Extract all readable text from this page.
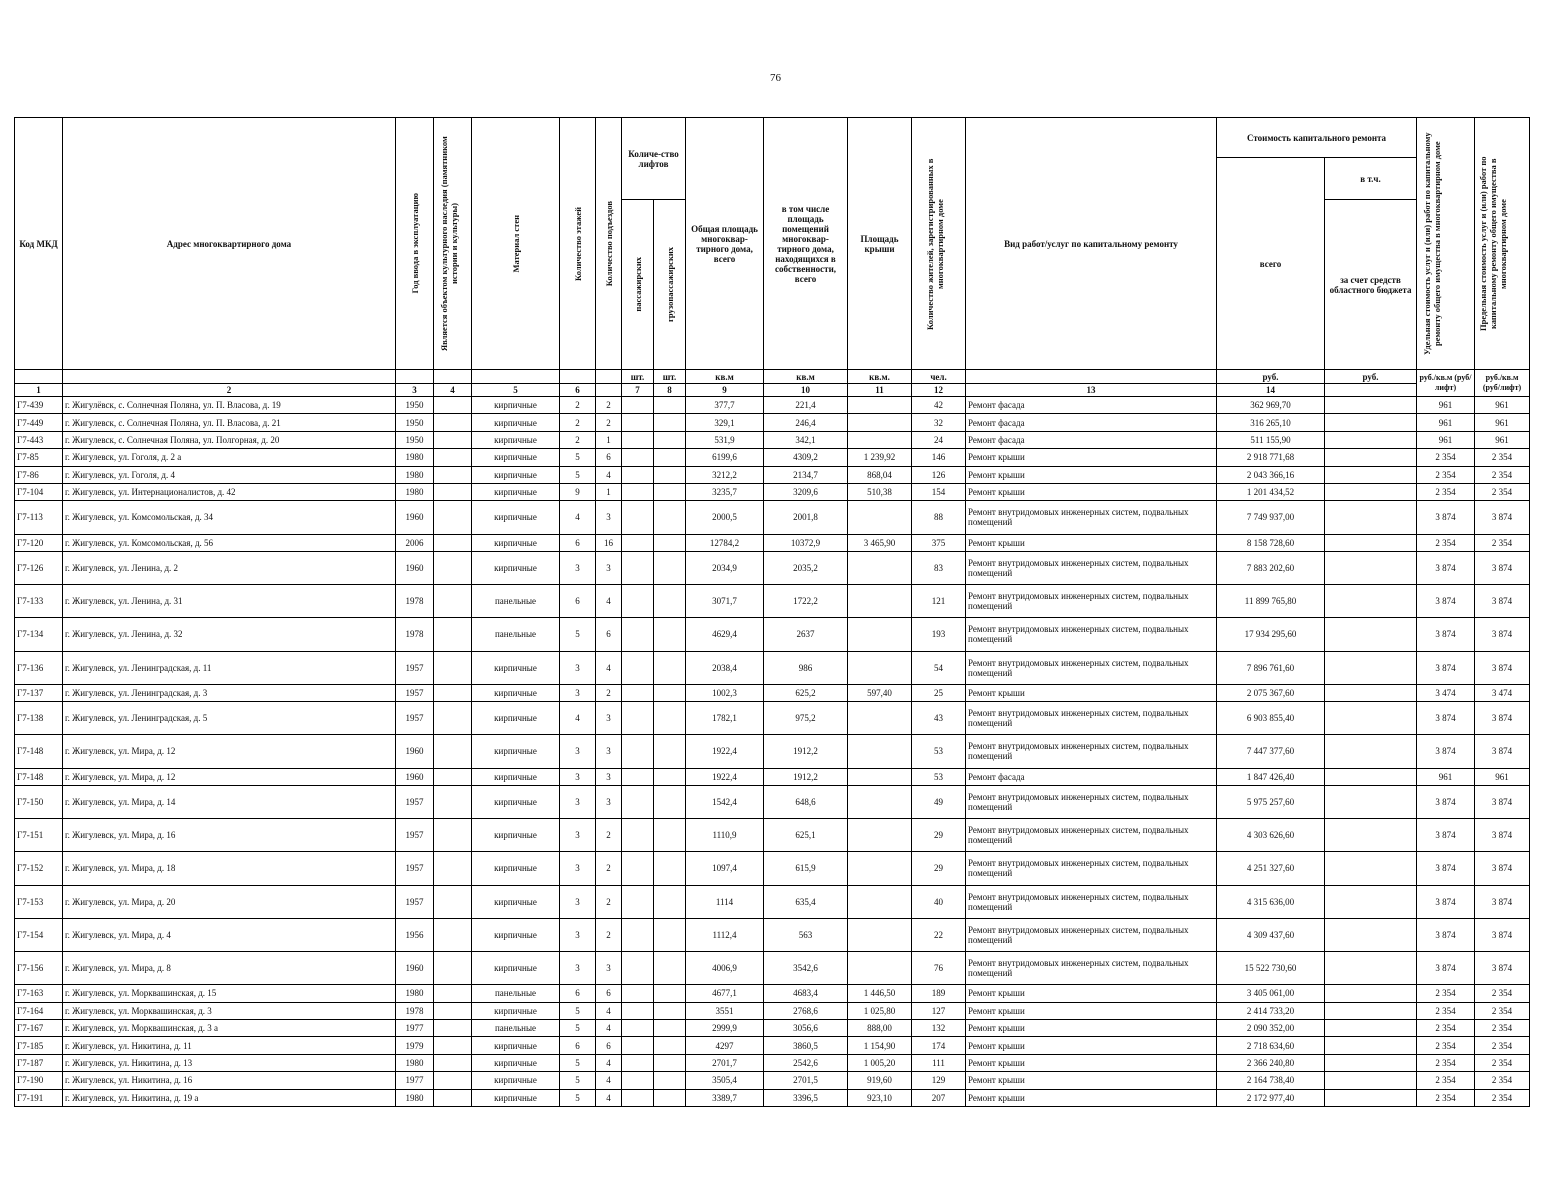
76
Код МКД	Адрес многоквартирного дома	Год ввода в эксплуатацию	Является объектом культурного наследия (памятником истории и культуры)	Материал стен	Количество этажей	Количество подъездов	Количе-ство лифтов		Общая площадь многоквар-тирного дома, всего	в том числе площадь помещений многоквар-тирного дома, находящихся в собственности, всего	Площадь крыши	Количество жителей, зарегистрированных в многоквартирном доме	Вид работ/услуг по капитальному ремонту	Стоимость капитального ремонта		Удельная стоимость услуг и (или) работ по капитальному ремонту общего имущества в многоквартирном доме	Предельная стоимость услуг и (или) работ по капитальному ремонту общего имущества в многоквартирном доме

														всего	в т.ч.		

							пассажирских	грузопассажирских							за счет средств областного бюджета		
							шт.	шт.	кв.м	кв.м	кв.м.	чел.		руб.	руб.	руб./кв.м (руб/лифт)	руб./кв.м (руб/лифт)
1	2	3	4	5	6		7	8	9	10	11	12	13	14			
Г7-439	г. Жигулёвск, с. Солнечная Поляна, ул. П. Власова, д. 19	1950		кирпичные	2	2			377,7	221,4		42	Ремонт фасада	362 969,70		961	961
Г7-449	г. Жигулевск, с. Солнечная Поляна, ул. П. Власова, д. 21	1950		кирпичные	2	2			329,1	246,4		32	Ремонт фасада	316 265,10		961	961
Г7-443	г. Жигулевск, с. Солнечная Поляна, ул. Полгорная, д. 20	1950		кирпичные	2	1			531,9	342,1		24	Ремонт фасада	511 155,90		961	961
Г7-85	г. Жигулевск, ул. Гоголя, д. 2 а	1980		кирпичные	5	6			6199,6	4309,2	1 239,92	146	Ремонт крыши	2 918 771,68		2 354	2 354
Г7-86	г. Жигулевск, ул. Гоголя, д. 4	1980		кирпичные	5	4			3212,2	2134,7	868,04	126	Ремонт крыши	2 043 366,16		2 354	2 354
Г7-104	г. Жигулевск, ул. Интернационалистов, д. 42	1980		кирпичные	9	1			3235,7	3209,6	510,38	154	Ремонт крыши	1 201 434,52		2 354	2 354
Г7-113	г. Жигулевск, ул. Комсомольская, д. 34	1960		кирпичные	4	3			2000,5	2001,8		88	Ремонт внутридомовых инженерных систем, подвальных помещений	7 749 937,00		3 874	3 874
Г7-120	г. Жигулевск, ул. Комсомольская, д. 56	2006		кирпичные	6	16			12784,2	10372,9	3 465,90	375	Ремонт крыши	8 158 728,60		2 354	2 354
Г7-126	г. Жигулевск, ул. Ленина, д. 2	1960		кирпичные	3	3			2034,9	2035,2		83	Ремонт внутридомовых инженерных систем, подвальных помещений	7 883 202,60		3 874	3 874
Г7-133	г. Жигулевск, ул. Ленина, д. 31	1978		панельные	6	4			3071,7	1722,2		121	Ремонт внутридомовых инженерных систем, подвальных помещений	11 899 765,80		3 874	3 874
Г7-134	г. Жигулевск, ул. Ленина, д. 32	1978		панельные	5	6			4629,4	2637		193	Ремонт внутридомовых инженерных систем, подвальных помещений	17 934 295,60		3 874	3 874
Г7-136	г. Жигулевск, ул. Ленинградская, д. 11	1957		кирпичные	3	4			2038,4	986		54	Ремонт внутридомовых инженерных систем, подвальных помещений	7 896 761,60		3 874	3 874
Г7-137	г. Жигулевск, ул. Ленинградская, д. 3	1957		кирпичные	3	2			1002,3	625,2	597,40	25	Ремонт крыши	2 075 367,60		3 474	3 474
Г7-138	г. Жигулевск, ул. Ленинградская, д. 5	1957		кирпичные	4	3			1782,1	975,2		43	Ремонт внутридомовых инженерных систем, подвальных помещений	6 903 855,40		3 874	3 874
Г7-148	г. Жигулевск, ул. Мира, д. 12	1960		кирпичные	3	3			1922,4	1912,2		53	Ремонт внутридомовых инженерных систем, подвальных помещений	7 447 377,60		3 874	3 874
Г7-148	г. Жигулевск, ул. Мира, д. 12	1960		кирпичные	3	3			1922,4	1912,2		53	Ремонт фасада	1 847 426,40		961	961
Г7-150	г. Жигулевск, ул. Мира, д. 14	1957		кирпичные	3	3			1542,4	648,6		49	Ремонт внутридомовых инженерных систем, подвальных помещений	5 975 257,60		3 874	3 874
Г7-151	г. Жигулевск, ул. Мира, д. 16	1957		кирпичные	3	2			1110,9	625,1		29	Ремонт внутридомовых инженерных систем, подвальных помещений	4 303 626,60		3 874	3 874
Г7-152	г. Жигулевск, ул. Мира, д. 18	1957		кирпичные	3	2			1097,4	615,9		29	Ремонт внутридомовых инженерных систем, подвальных помещений	4 251 327,60		3 874	3 874
Г7-153	г. Жигулевск, ул. Мира, д. 20	1957		кирпичные	3	2			1114	635,4		40	Ремонт внутридомовых инженерных систем, подвальных помещений	4 315 636,00		3 874	3 874
Г7-154	г. Жигулевск, ул. Мира, д. 4	1956		кирпичные	3	2			1112,4	563		22	Ремонт внутридомовых инженерных систем, подвальных помещений	4 309 437,60		3 874	3 874
Г7-156	г. Жигулевск, ул. Мира, д. 8	1960		кирпичные	3	3			4006,9	3542,6		76	Ремонт внутридомовых инженерных систем, подвальных помещений	15 522 730,60		3 874	3 874
Г7-163	г. Жигулевск, ул. Морквашинская, д. 15	1980		панельные	6	6			4677,1	4683,4	1 446,50	189	Ремонт крыши	3 405 061,00		2 354	2 354
Г7-164	г. Жигулевск, ул. Морквашинская, д. 3	1978		кирпичные	5	4			3551	2768,6	1 025,80	127	Ремонт крыши	2 414 733,20		2 354	2 354
Г7-167	г. Жигулевск, ул. Морквашинская, д. 3 а	1977		панельные	5	4			2999,9	3056,6	888,00	132	Ремонт крыши	2 090 352,00		2 354	2 354
Г7-185	г. Жигулевск, ул. Никитина, д. 11	1979		кирпичные	6	6			4297	3860,5	1 154,90	174	Ремонт крыши	2 718 634,60		2 354	2 354
Г7-187	г. Жигулевск, ул. Никитина, д. 13	1980		кирпичные	5	4			2701,7	2542,6	1 005,20	111	Ремонт крыши	2 366 240,80		2 354	2 354
Г7-190	г. Жигулевск, ул. Никитина, д. 16	1977		кирпичные	5	4			3505,4	2701,5	919,60	129	Ремонт крыши	2 164 738,40		2 354	2 354
Г7-191	г. Жигулевск, ул. Никитина, д. 19 а	1980		кирпичные	5	4			3389,7	3396,5	923,10	207	Ремонт крыши	2 172 977,40		2 354	2 354
